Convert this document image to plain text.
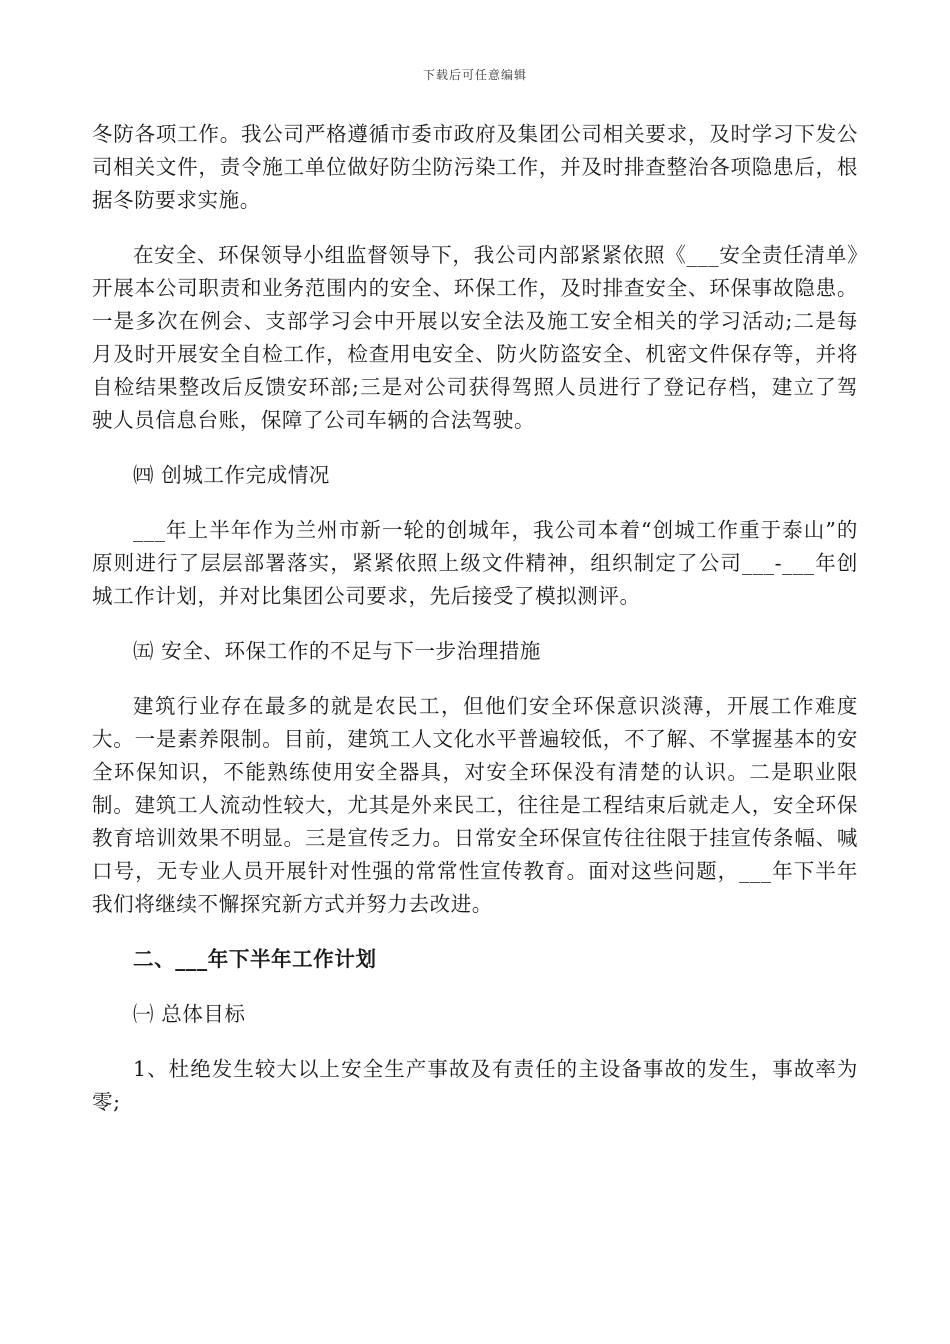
下载后可任意编辑

冬防各项工作。我公司严格遵循市委市政府及集团公司相关要求，及时学习下发公司相关文件，责令施工单位做好防尘防污染工作，并及时排查整治各项隐患后，根据冬防要求实施。

在安全、环保领导小组监督领导下，我公司内部紧紧依照《___安全责任清单》开展本公司职责和业务范围内的安全、环保工作，及时排查安全、环保事故隐患。一是多次在例会、支部学习会中开展以安全法及施工安全相关的学习活动;二是每月及时开展安全自检工作，检查用电安全、防火防盗安全、机密文件保存等，并将自检结果整改后反馈安环部;三是对公司获得驾照人员进行了登记存档，建立了驾驶人员信息台账，保障了公司车辆的合法驾驶。

㈣ 创城工作完成情况

___年上半年作为兰州市新一轮的创城年，我公司本着“创城工作重于泰山”的原则进行了层层部署落实，紧紧依照上级文件精神，组织制定了公司___-___年创城工作计划，并对比集团公司要求，先后接受了模拟测评。

㈤ 安全、环保工作的不足与下一步治理措施

建筑行业存在最多的就是农民工，但他们安全环保意识淡薄，开展工作难度大。一是素养限制。目前，建筑工人文化水平普遍较低，不了解、不掌握基本的安全环保知识，不能熟练使用安全器具，对安全环保没有清楚的认识。二是职业限制。建筑工人流动性较大，尤其是外来民工，往往是工程结束后就走人，安全环保教育培训效果不明显。三是宣传乏力。日常安全环保宣传往往限于挂宣传条幅、喊口号，无专业人员开展针对性强的常常性宣传教育。面对这些问题，___年下半年我们将继续不懈探究新方式并努力去改进。

二、___年下半年工作计划

㈠ 总体目标

1、杜绝发生较大以上安全生产事故及有责任的主设备事故的发生，事故率为零;
